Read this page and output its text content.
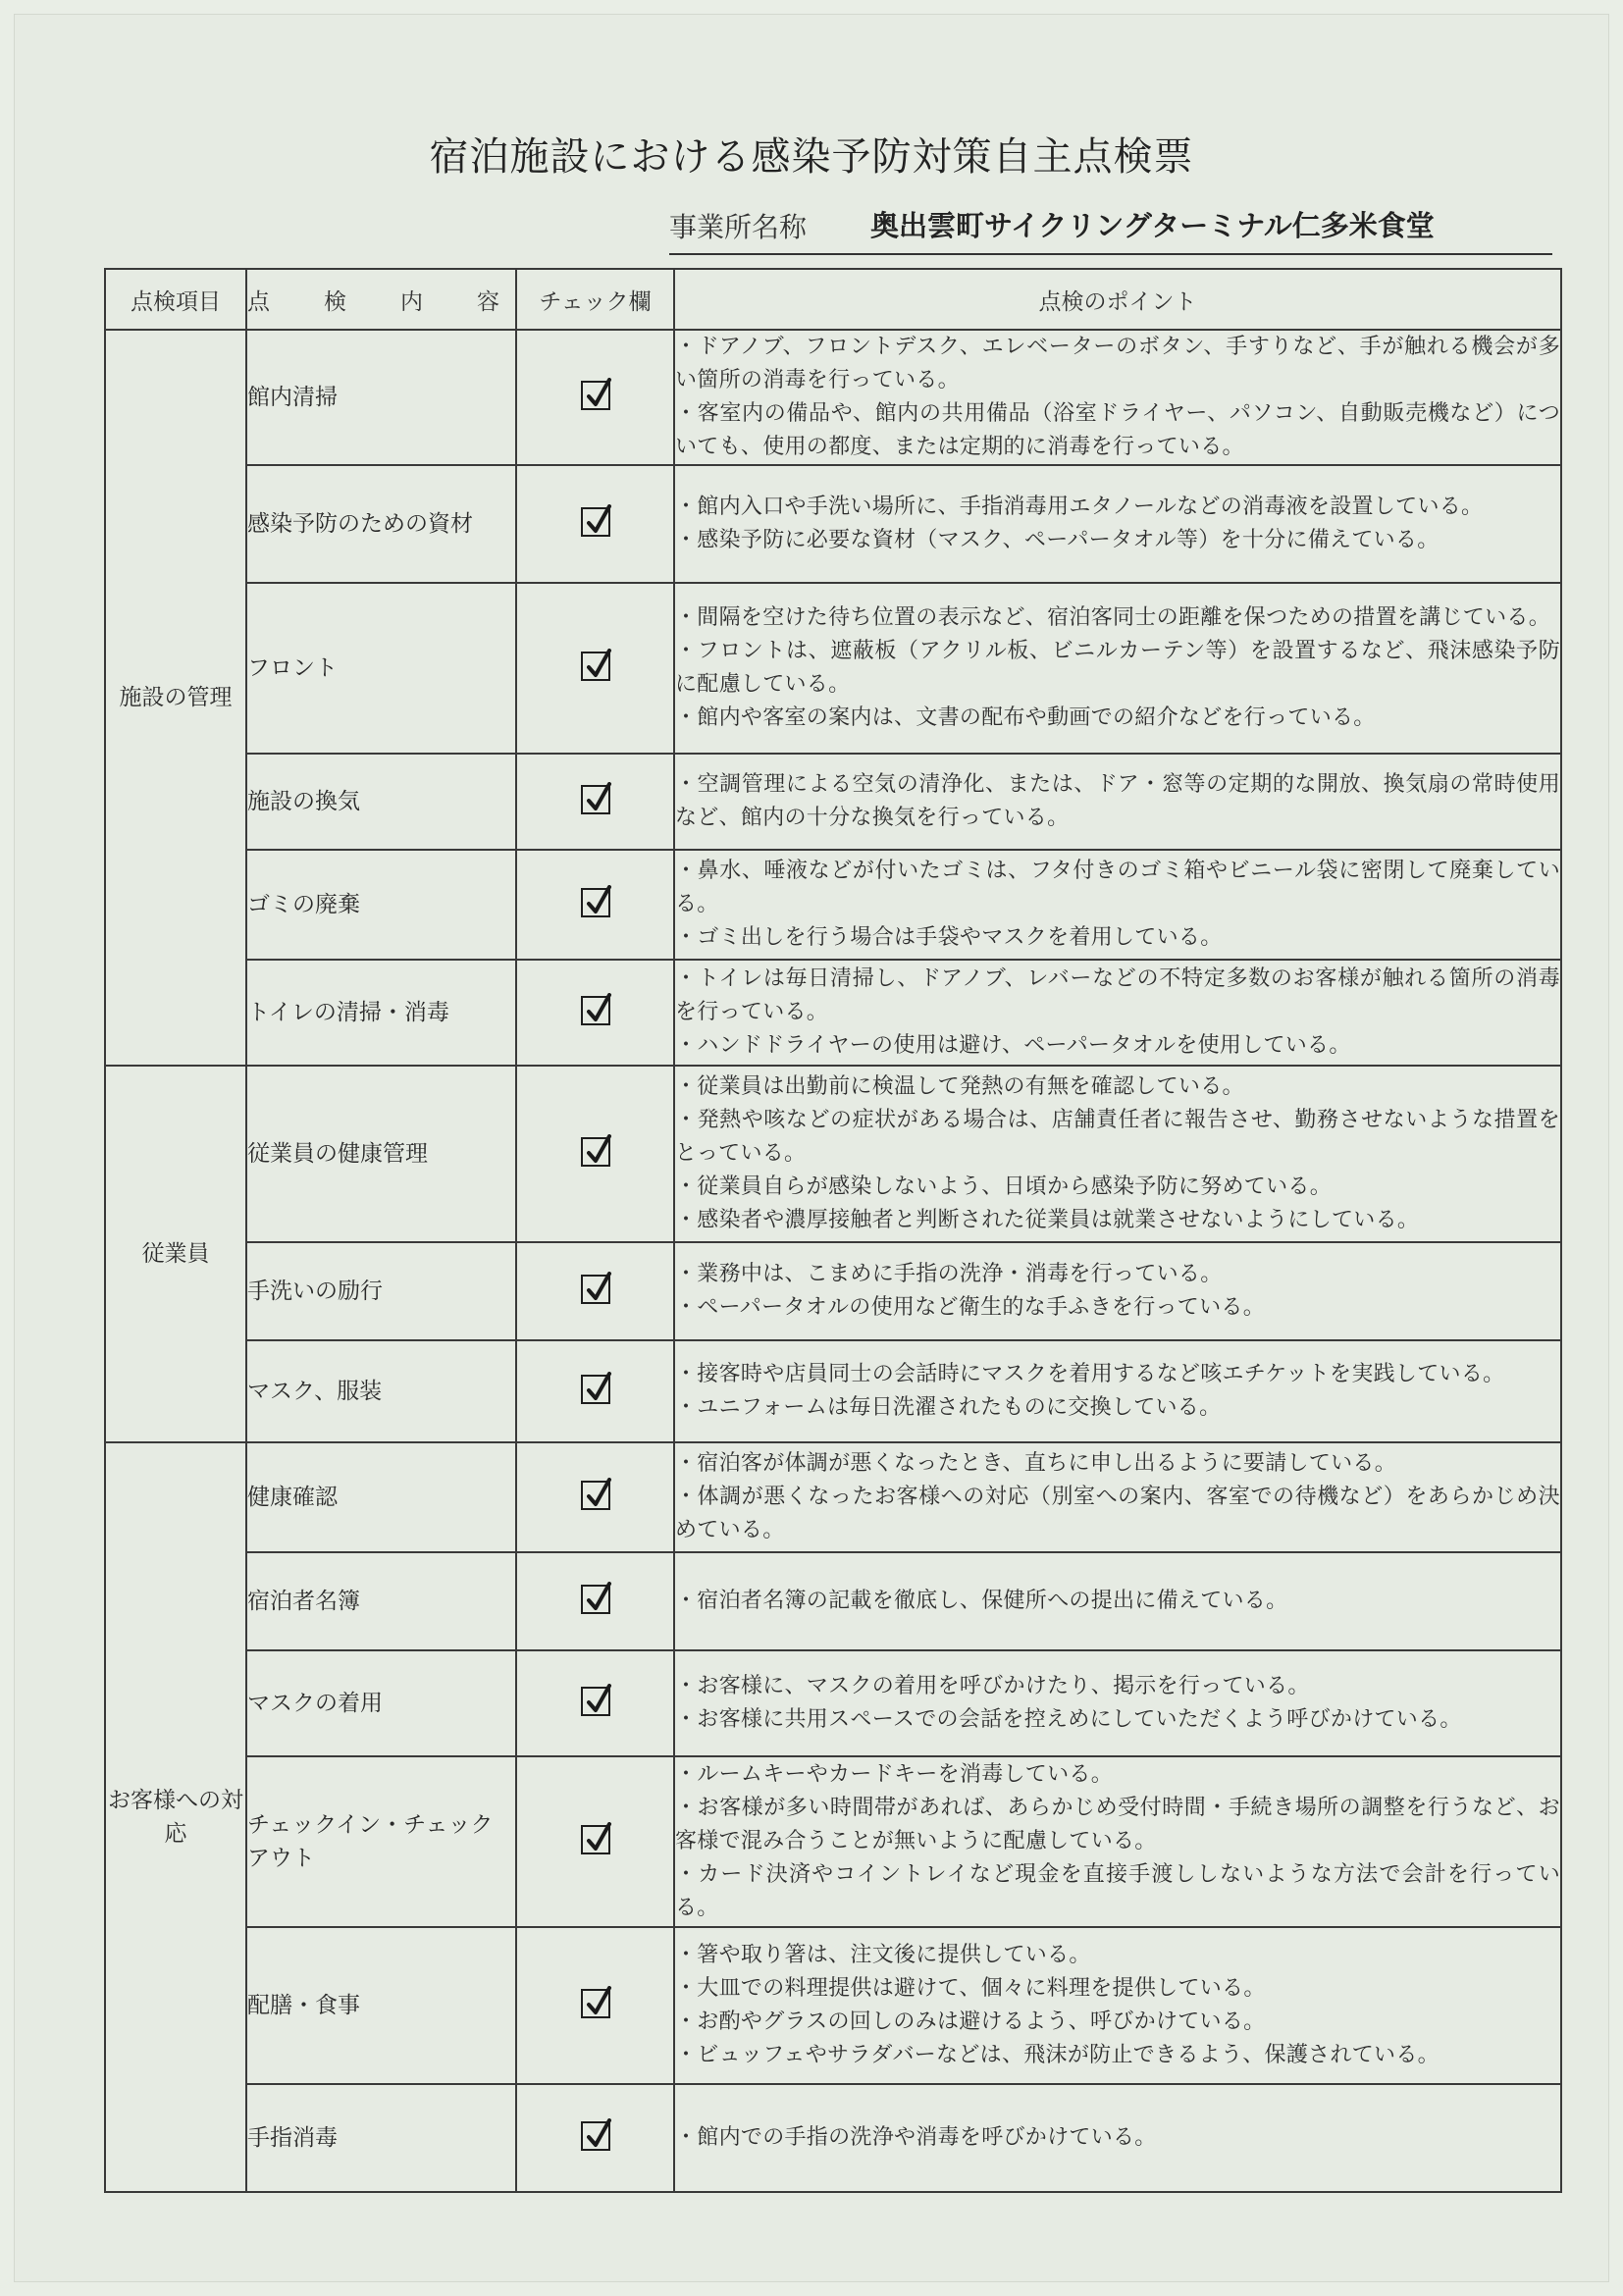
宿泊施設における感染予防対策自主点検票
事業所名称 奥出雲町サイクリングターミナル仁多米食堂
点検項目	点　検　内　容	チェック欄	点検のポイント
施設の管理	館内清掃		・ドアノブ、フロントデスク、エレベーターのボタン、手すりなど、手が触れる機会が多い箇所の消毒を行っている。
・客室内の備品や、館内の共用備品（浴室ドライヤー、パソコン、自動販売機など）についても、使用の都度、または定期的に消毒を行っている。

	感染予防のための資材		・館内入口や手洗い場所に、手指消毒用エタノールなどの消毒液を設置している。
・感染予防に必要な資材（マスク、ペーパータオル等）を十分に備えている。

	フロント		・間隔を空けた待ち位置の表示など、宿泊客同士の距離を保つための措置を講じている。
・フロントは、遮蔽板（アクリル板、ビニルカーテン等）を設置するなど、飛沫感染予防に配慮している。
・館内や客室の案内は、文書の配布や動画での紹介などを行っている。

	施設の換気		・空調管理による空気の清浄化、または、ドア・窓等の定期的な開放、換気扇の常時使用など、館内の十分な換気を行っている。

	ゴミの廃棄		・鼻水、唾液などが付いたゴミは、フタ付きのゴミ箱やビニール袋に密閉して廃棄している。
・ゴミ出しを行う場合は手袋やマスクを着用している。

	トイレの清掃・消毒		・トイレは毎日清掃し、ドアノブ、レバーなどの不特定多数のお客様が触れる箇所の消毒を行っている。
・ハンドドライヤーの使用は避け、ペーパータオルを使用している。

従業員	従業員の健康管理		・従業員は出勤前に検温して発熱の有無を確認している。
・発熱や咳などの症状がある場合は、店舗責任者に報告させ、勤務させないような措置をとっている。
・従業員自らが感染しないよう、日頃から感染予防に努めている。
・感染者や濃厚接触者と判断された従業員は就業させないようにしている。

	手洗いの励行		・業務中は、こまめに手指の洗浄・消毒を行っている。
・ペーパータオルの使用など衛生的な手ふきを行っている。

	マスク、服装		・接客時や店員同士の会話時にマスクを着用するなど咳エチケットを実践している。
・ユニフォームは毎日洗濯されたものに交換している。

お客様への対応	健康確認		・宿泊客が体調が悪くなったとき、直ちに申し出るように要請している。
・体調が悪くなったお客様への対応（別室への案内、客室での待機など）をあらかじめ決めている。

	宿泊者名簿		・宿泊者名簿の記載を徹底し、保健所への提出に備えている。

	マスクの着用		・お客様に、マスクの着用を呼びかけたり、掲示を行っている。
・お客様に共用スペースでの会話を控えめにしていただくよう呼びかけている。

	チェックイン・チェックアウト		・ルームキーやカードキーを消毒している。
・お客様が多い時間帯があれば、あらかじめ受付時間・手続き場所の調整を行うなど、お客様で混み合うことが無いように配慮している。
・カード決済やコイントレイなど現金を直接手渡ししないような方法で会計を行っている。

	配膳・食事		・箸や取り箸は、注文後に提供している。
・大皿での料理提供は避けて、個々に料理を提供している。
・お酌やグラスの回しのみは避けるよう、呼びかけている。
・ビュッフェやサラダバーなどは、飛沫が防止できるよう、保護されている。

	手指消毒		・館内での手指の洗浄や消毒を呼びかけている。
